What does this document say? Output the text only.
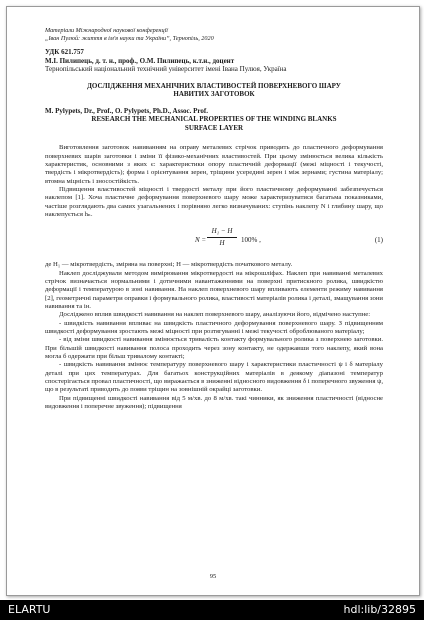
Матеріали Міжнародної наукової конференції
„Іван Пулюй: життя в ім'я науки та України”, Тернопіль, 2020
УДК 621.757
М.І. Пилипець, д. т. н., проф., О.М. Пилипець, к.т.н., доцент
Тернопільський національний технічний університет імені Івана Пулюя, Україна
ДОСЛІДЖЕННЯ МЕХАНІЧНИХ ВЛАСТИВОСТЕЙ ПОВЕРХНЕВОГО ШАРУ
НАВИТИХ ЗАГОТОВОК
M. Pylypets, Dr., Prof., O. Pylypets, Ph.D., Assoc. Prof.
RESEARCH THE MECHANICAL PROPERTIES OF THE WINDING BLANKS
SURFACE LAYER

Виготовлення заготовок навиванням на оправу металевих стрічок приводить до пластичного деформування поверхневих шарів заготовки і зміни її фізико-механічних властивостей. При цьому змінюється велика кількість характеристик, основними з яких є: характеристики опору пластичній деформації (межі міцності і текучості, твердість і мікротвердість); форма і орієнтування зерен, тріщини усередині зерен і між зернами; густина матеріалу; втомна міцність і зносостійкість.

Підвищення властивостей міцності і твердості металу при його пластичному деформуванні забезпечується наклепом [1]. Хоча пластичне деформування поверхневого шару може характеризуватися багатьма показниками, частіше розглядають два самих узагальнених і порівняно легко визначуваних: ступінь наклепу N і глибину шару, що наклепується hₙ.

$N = \frac{\text{H₁ − H}}{H} 100\%$ ,	(1)

де H₁ — мікротвердість, зміряна на поверхні; H — мікротвердість початкового металу.

Наклеп досліджували методом вимірювання мікротвердості на мікрошліфах. Наклеп при навиванні металевих стрічок визначається нормальними і дотичними навантаженнями на поверхні притискного ролика, швидкістю деформації і температурою в зоні навивання. На наклеп поверхневого шару впливають елементи режиму навивання [2], геометричні параметри оправки і формувального ролика, властивості матеріалів ролика і деталі, змащування зони навивання та ін.

Досліджено вплив швидкості навивання на наклеп поверхневого шару, аналізуючи його, відмічено наступне:

- швидкість навивання впливає на швидкість пластичного деформування поверхневого шару. З підвищенням швидкості деформування зростають межі міцності при розтягуванні і межі текучості оброблюваного матеріалу;

- від зміни швидкості навивання змінюється тривалість контакту формувального ролика з поверхнею заготовки. При більшій швидкості навивання полоса проходить через зону контакту, не одержавши того наклепу, який вона могла б одержати при більш тривалому контакті;

- швидкість навивання змінює температуру поверхневого шару і характеристики пластичності ψ і δ матеріалу деталі при цих температурах. Для багатьох конструкційних матеріалів в деякому діапазоні температур спостерігається провал пластичності, що виражається в зниженні відносного видовження δ і поперечного звуження ψ, що в результаті приводить до появи тріщин на зовнішній окрайці заготовки.

При підвищенні швидкості навивання від 5 м/хв. до 8 м/хв. такі чинники, як зниження пластичності (відносне видовження і поперечне звуження); підвищення

95
ELARTU	hdl:lib/32895
